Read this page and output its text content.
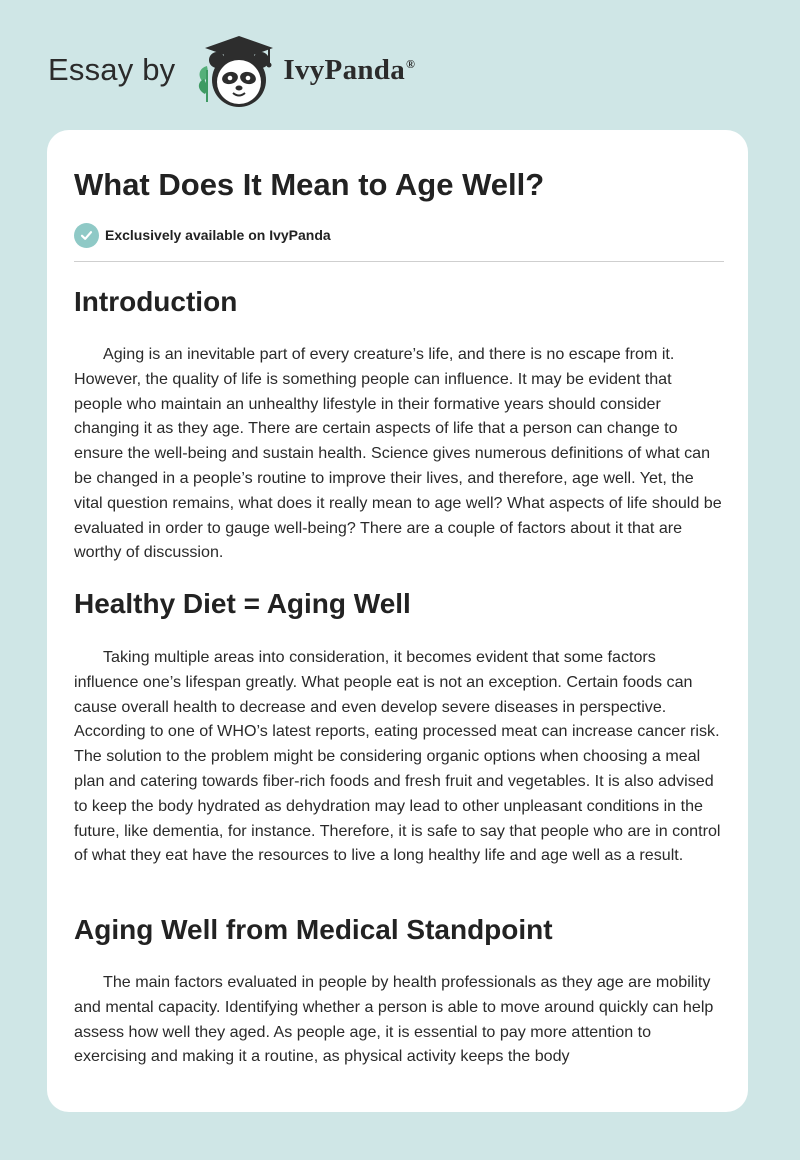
Essay by	IvyPanda®
What Does It Mean to Age Well?
Exclusively available on IvyPanda
Introduction

Aging is an inevitable part of every creature’s life, and there is no escape from it. However, the quality of life is something people can influence. It may be evident that people who maintain an unhealthy lifestyle in their formative years should consider changing it as they age. There are certain aspects of life that a person can change to ensure the well-being and sustain health. Science gives numerous definitions of what can be changed in a people’s routine to improve their lives, and therefore, age well. Yet, the vital question remains, what does it really mean to age well? What aspects of life should be evaluated in order to gauge well-being? There are a couple of factors about it that are worthy of discussion.

Healthy Diet = Aging Well

Taking multiple areas into consideration, it becomes evident that some factors influence one’s lifespan greatly. What people eat is not an exception. Certain foods can cause overall health to decrease and even develop severe diseases in perspective. According to one of WHO’s latest reports, eating processed meat can increase cancer risk. The solution to the problem might be considering organic options when choosing a meal plan and catering towards fiber-rich foods and fresh fruit and vegetables. It is also advised to keep the body hydrated as dehydration may lead to other unpleasant conditions in the future, like dementia, for instance. Therefore, it is safe to say that people who are in control of what they eat have the resources to live a long healthy life and age well as a result.

Aging Well from Medical Standpoint

The main factors evaluated in people by health professionals as they age are mobility and mental capacity. Identifying whether a person is able to move around quickly can help assess how well they aged. As people age, it is essential to pay more attention to exercising and making it a routine, as physical activity keeps the body
